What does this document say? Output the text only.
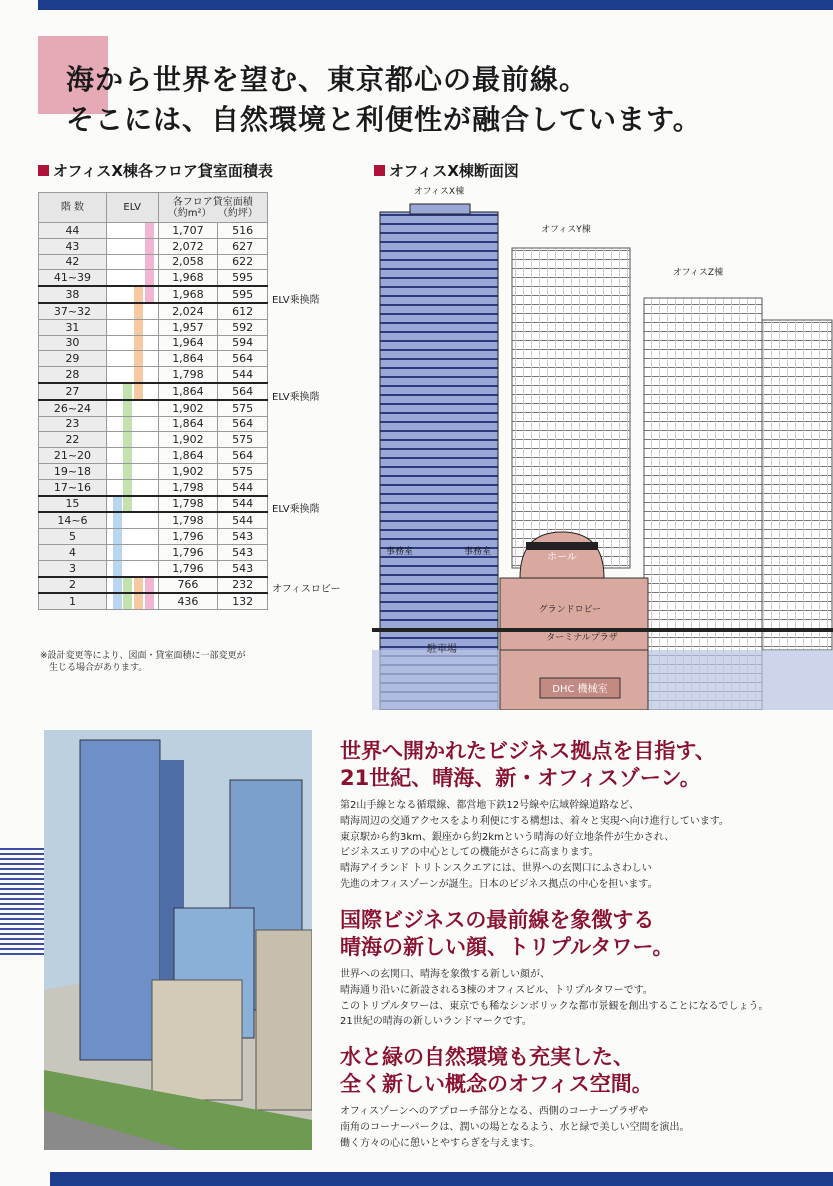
海から世界を望む、東京都心の最前線。
そこには、自然環境と利便性が融合しています。
オフィスX棟各フロア貸室面積表
階 数	ELV	各フロア貸室面積
（約m²） （約坪）	

44		1,707	516
43		2,072	627
42		2,058	622
41~39		1,968	595
38		1,968	595
37~32		2,024	612
31		1,957	592
30		1,964	594
29		1,864	564
28		1,798	544
27		1,864	564
26~24		1,902	575
23		1,864	564
22		1,902	575
21~20		1,864	564
19~18		1,902	575
17~16		1,798	544
15		1,798	544
14~6		1,798	544
5		1,796	543
4		1,796	543
3		1,796	543
2		766	232
1		436	132
ELV乗換階
ELV乗換階
ELV乗換階
オフィスロビー
※設計変更等により、図面・貸室面積に一部変更が
　生じる場合があります。
オフィスX棟断面図
オフィスX棟
オフィスY棟
オフィスZ棟
事務室	事務室	ホール
グランドロビー
ターミナルプラザ
駐車場
DHC 機械室
世界へ開かれたビジネス拠点を目指す、
21世紀、晴海、新・オフィスゾーン。

第2山手線となる循環線、都営地下鉄12号線や広域幹線道路など、
晴海周辺の交通アクセスをより利便にする構想は、着々と実現へ向け進行しています。
東京駅から約3km、銀座から約2kmという晴海の好立地条件が生かされ、
ビジネスエリアの中心としての機能がさらに高まります。
晴海アイランド トリトンスクエアには、世界への玄関口にふさわしい
先進のオフィスゾーンが誕生。日本のビジネス拠点の中心を担います。

国際ビジネスの最前線を象徴する
晴海の新しい顔、トリプルタワー。

世界への玄関口、晴海を象徴する新しい顔が、
晴海通り沿いに新設される3棟のオフィスビル、トリプルタワーです。
このトリプルタワーは、東京でも稀なシンボリックな都市景観を創出することになるでしょう。
21世紀の晴海の新しいランドマークです。

水と緑の自然環境も充実した、
全く新しい概念のオフィス空間。

オフィスゾーンへのアプローチ部分となる、西側のコーナープラザや
南角のコーナーパークは、潤いの場となるよう、水と緑で美しい空間を演出。
働く方々の心に憩いとやすらぎを与えます。
